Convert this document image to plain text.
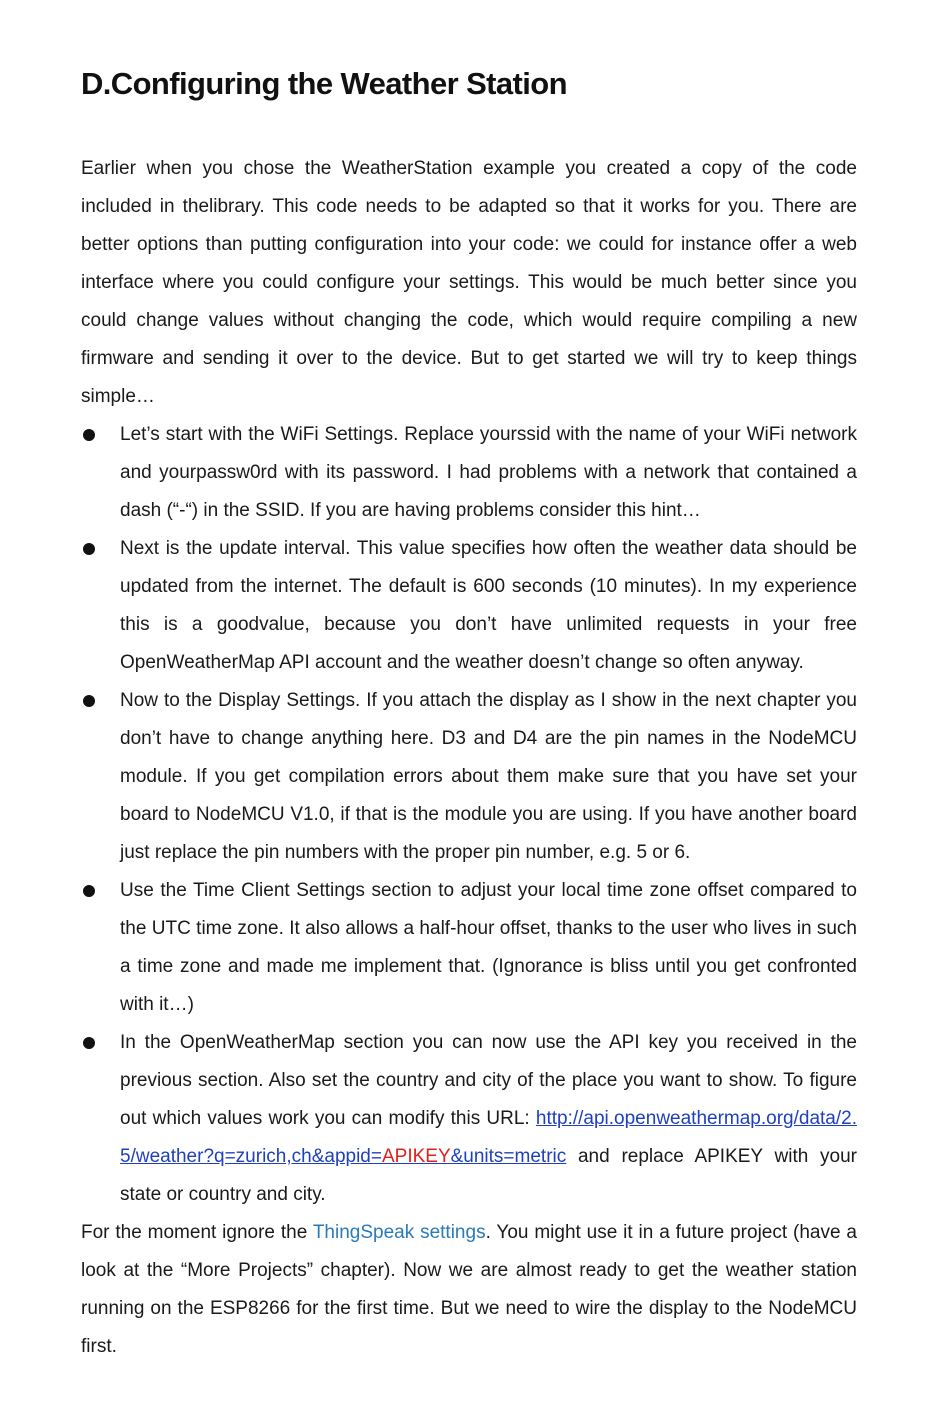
D.Configuring the Weather Station

Earlier when you chose the WeatherStation example you created a copy of the code included in thelibrary. This code needs to be adapted so that it works for you. There are better options than putting configuration into your code: we could for instance offer a web interface where you could configure your settings. This would be much better since you could change values without changing the code, which would require compiling a new firmware and sending it over to the device. But to get started we will try to keep things simple…

Let’s start with the WiFi Settings. Replace yourssid with the name of your WiFi network and yourpassw0rd with its password. I had problems with a network that contained a dash (“-“) in the SSID. If you are having problems consider this hint…

Next is the update interval. This value specifies how often the weather data should be updated from the internet. The default is 600 seconds (10 minutes). In my experience this is a goodvalue, because you don’t have unlimited requests in your free OpenWeatherMap API account and the weather doesn’t change so often anyway.

Now to the Display Settings. If you attach the display as I show in the next chapter you don’t have to change anything here. D3 and D4 are the pin names in the NodeMCU module. If you get compilation errors about them make sure that you have set your board to NodeMCU V1.0, if that is the module you are using. If you have another board just replace the pin numbers with the proper pin number, e.g. 5 or 6.

Use the Time Client Settings section to adjust your local time zone offset compared to the UTC time zone. It also allows a half-hour offset, thanks to the user who lives in such a time zone and made me implement that. (Ignorance is bliss until you get confronted with it…)

In the OpenWeatherMap section you can now use the API key you received in the previous section. Also set the country and city of the place you want to show. To figure out which values work you can modify this URL: http://api.openweathermap.org/data/2.5/weather?q=zurich,ch&appid=APIKEY&units=metric and replace APIKEY with your state or country and city.

For the moment ignore the ThingSpeak settings. You might use it in a future project (have a look at the “More Projects” chapter). Now we are almost ready to get the weather station running on the ESP8266 for the first time. But we need to wire the display to the NodeMCU first.
